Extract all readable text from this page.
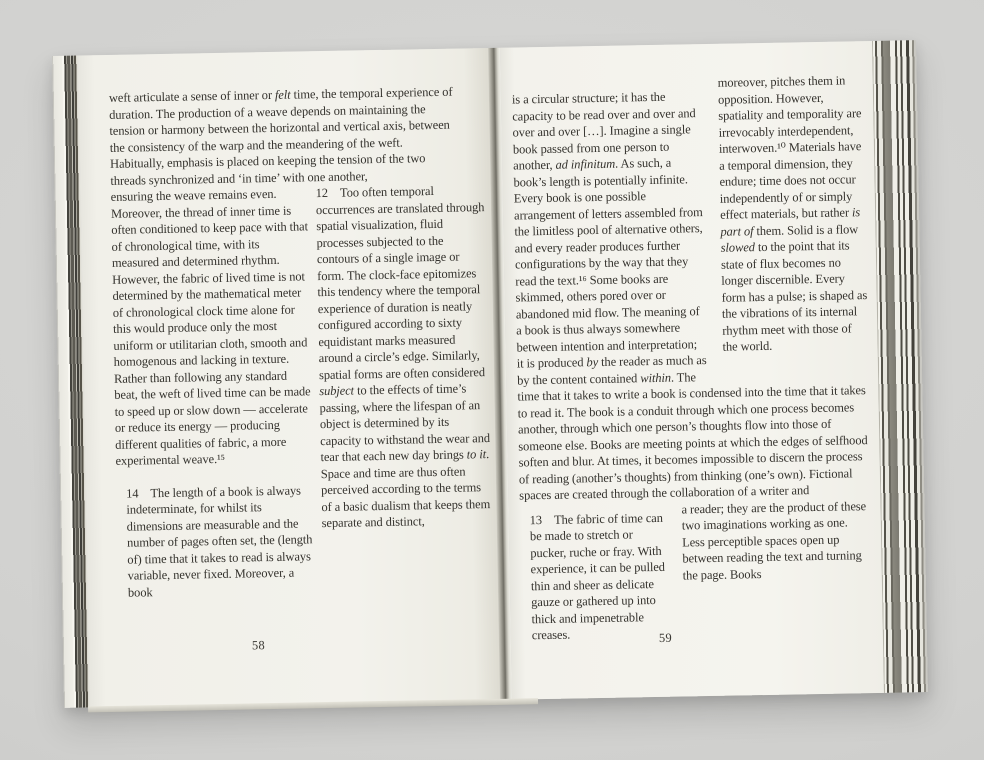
weft articulate a sense of inner or felt time, the temporal experience of duration. The production of a weave depends on maintaining the tension or harmony between the horizontal and vertical axis, between the consistency of the warp and the meandering of the weft. Habitually, emphasis is placed on keeping the tension of the two threads synchronized and ‘in time’ with one another,

ensuring the weave remains even. Moreover, the thread of inner time is often conditioned to keep pace with that of chronological time, with its measured and determined rhythm. However, the fabric of lived time is not determined by the mathematical meter of chronological clock time alone for this would produce only the most uniform or utilitarian cloth, smooth and homogenous and lacking in texture. Rather than following any standard beat, the weft of lived time can be made to speed up or slow down — accelerate or reduce its energy — producing different qualities of fabric, a more experimental weave.¹⁵

14 The length of a book is always indeterminate, for whilst its dimensions are measurable and the number of pages often set, the (length of) time that it takes to read is always variable, never fixed. Moreover, a book
12 Too often temporal occurrences are translated through spatial visualization, fluid processes subjected to the contours of a single image or form. The clock-face epitomizes this tendency where the temporal experience of duration is neatly configured according to sixty equidistant marks measured around a circle’s edge. Similarly, spatial forms are often considered subject to the effects of time’s passing, where the lifespan of an object is determined by its capacity to withstand the wear and tear that each new day brings to it. Space and time are thus often perceived according to the terms of a basic dualism that keeps them separate and distinct,
58

is a circular structure; it has the capacity to be read over and over and over and over […]. Imagine a single book passed from one person to another, ad infinitum. As such, a book’s length is potentially infinite. Every book is one possible arrangement of letters assembled from the limitless pool of alternative others, and every reader produces further configurations by the way that they read the text.¹⁶ Some books are skimmed, others pored over or abandoned mid flow. The meaning of a book is thus always somewhere between intention and interpretation; it is produced by the reader as much as by the content contained within. The

moreover, pitches them in opposition. However, spatiality and temporality are irrevocably interdependent, interwoven.¹⁰ Materials have a temporal dimension, they endure; time does not occur independently of or simply effect materials, but rather is part of them. Solid is a flow slowed to the point that its state of flux becomes no longer discernible. Every form has a pulse; is shaped as the vibrations of its internal rhythm meet with those of the world.

time that it takes to write a book is condensed into the time that it takes to read it. The book is a conduit through which one process becomes another, through which one person’s thoughts flow into those of someone else. Books are meeting points at which the edges of selfhood soften and blur. At times, it becomes impossible to discern the process of reading (another’s thoughts) from thinking (one’s own). Fictional spaces are created through the collaboration of a writer and

13 The fabric of time can be made to stretch or pucker, ruche or fray. With experience, it can be pulled thin and sheer as delicate gauze or gathered up into thick and impenetrable creases.

a reader; they are the product of these two imaginations working as one. Less perceptible spaces open up between reading the text and turning the page. Books

59
